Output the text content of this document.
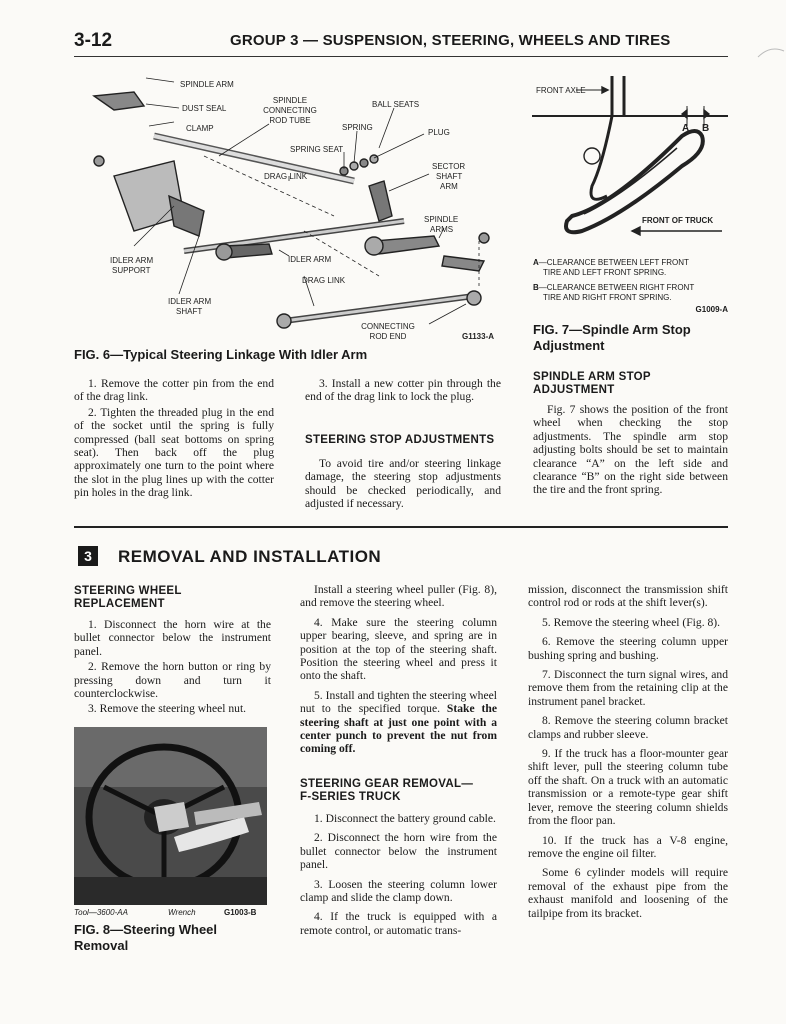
3-12	GROUP 3 — SUSPENSION, STEERING, WHEELS AND TIRES
SPINDLE ARM
DUST SEAL
CLAMP
SPINDLE
CONNECTING
ROD TUBE
BALL SEATS
SPRING
PLUG
SPRING SEAT
DRAG LINK
SECTOR
SHAFT
ARM
SPINDLE
ARMS
IDLER ARM
SUPPORT
IDLER ARM
DRAG LINK
IDLER ARM
SHAFT
CONNECTING
ROD END	G1133-A
FIG. 6—Typical Steering Linkage With Idler Arm
FRONT AXLE
A B
FRONT OF TRUCK
A—CLEARANCE BETWEEN LEFT FRONT
TIRE AND LEFT FRONT SPRING.
B—CLEARANCE BETWEEN RIGHT FRONT
TIRE AND RIGHT FRONT SPRING.
G1009-A
FIG. 7—Spindle Arm Stop
Adjustment

1. Remove the cotter pin from the end of the drag link.

2. Tighten the threaded plug in the end of the socket until the spring is fully compressed (ball seat bottoms on spring seat). Then back off the plug approximately one turn to the point where the slot in the plug lines up with the cotter pin holes in the drag link.

3. Install a new cotter pin through the end of the drag link to lock the plug.

STEERING STOP ADJUSTMENTS

To avoid tire and/or steering linkage damage, the steering stop adjustments should be checked periodically, and adjusted if necessary.

SPINDLE ARM STOP
ADJUSTMENT

Fig. 7 shows the position of the front wheel when checking the stop adjustments. The spindle arm stop adjusting bolts should be set to maintain clearance “A” on the left side and clearance “B” on the right side between the tire and the front spring.

3	REMOVAL AND INSTALLATION
STEERING WHEEL
REPLACEMENT

1. Disconnect the horn wire at the bullet connector below the instrument panel.

2. Remove the horn button or ring by pressing down and turn it counterclockwise.

3. Remove the steering wheel nut.

Tool—3600-AA	Wrench	G1003-B
FIG. 8—Steering Wheel
Removal

Install a steering wheel puller (Fig. 8), and remove the steering wheel.

4. Make sure the steering column upper bearing, sleeve, and spring are in position at the top of the steering shaft. Position the steering wheel and press it onto the shaft.

5. Install and tighten the steering wheel nut to the specified torque. Stake the steering shaft at just one point with a center punch to prevent the nut from coming off.

STEERING GEAR REMOVAL—
F-SERIES TRUCK

1. Disconnect the battery ground cable.

2. Disconnect the horn wire from the bullet connector below the instrument panel.

3. Loosen the steering column lower clamp and slide the clamp down.

4. If the truck is equipped with a remote control, or automatic trans-

mission, disconnect the transmission shift control rod or rods at the shift lever(s).

5. Remove the steering wheel (Fig. 8).

6. Remove the steering column upper bushing spring and bushing.

7. Disconnect the turn signal wires, and remove them from the retaining clip at the instrument panel bracket.

8. Remove the steering column bracket clamps and rubber sleeve.

9. If the truck has a floor-mounter gear shift lever, pull the steering column tube off the shaft. On a truck with an automatic transmission or a remote-type gear shift lever, remove the steering column shields from the floor pan.

10. If the truck has a V-8 engine, remove the engine oil filter.

Some 6 cylinder models will require removal of the exhaust pipe from the exhaust manifold and loosening of the tailpipe from its bracket.
